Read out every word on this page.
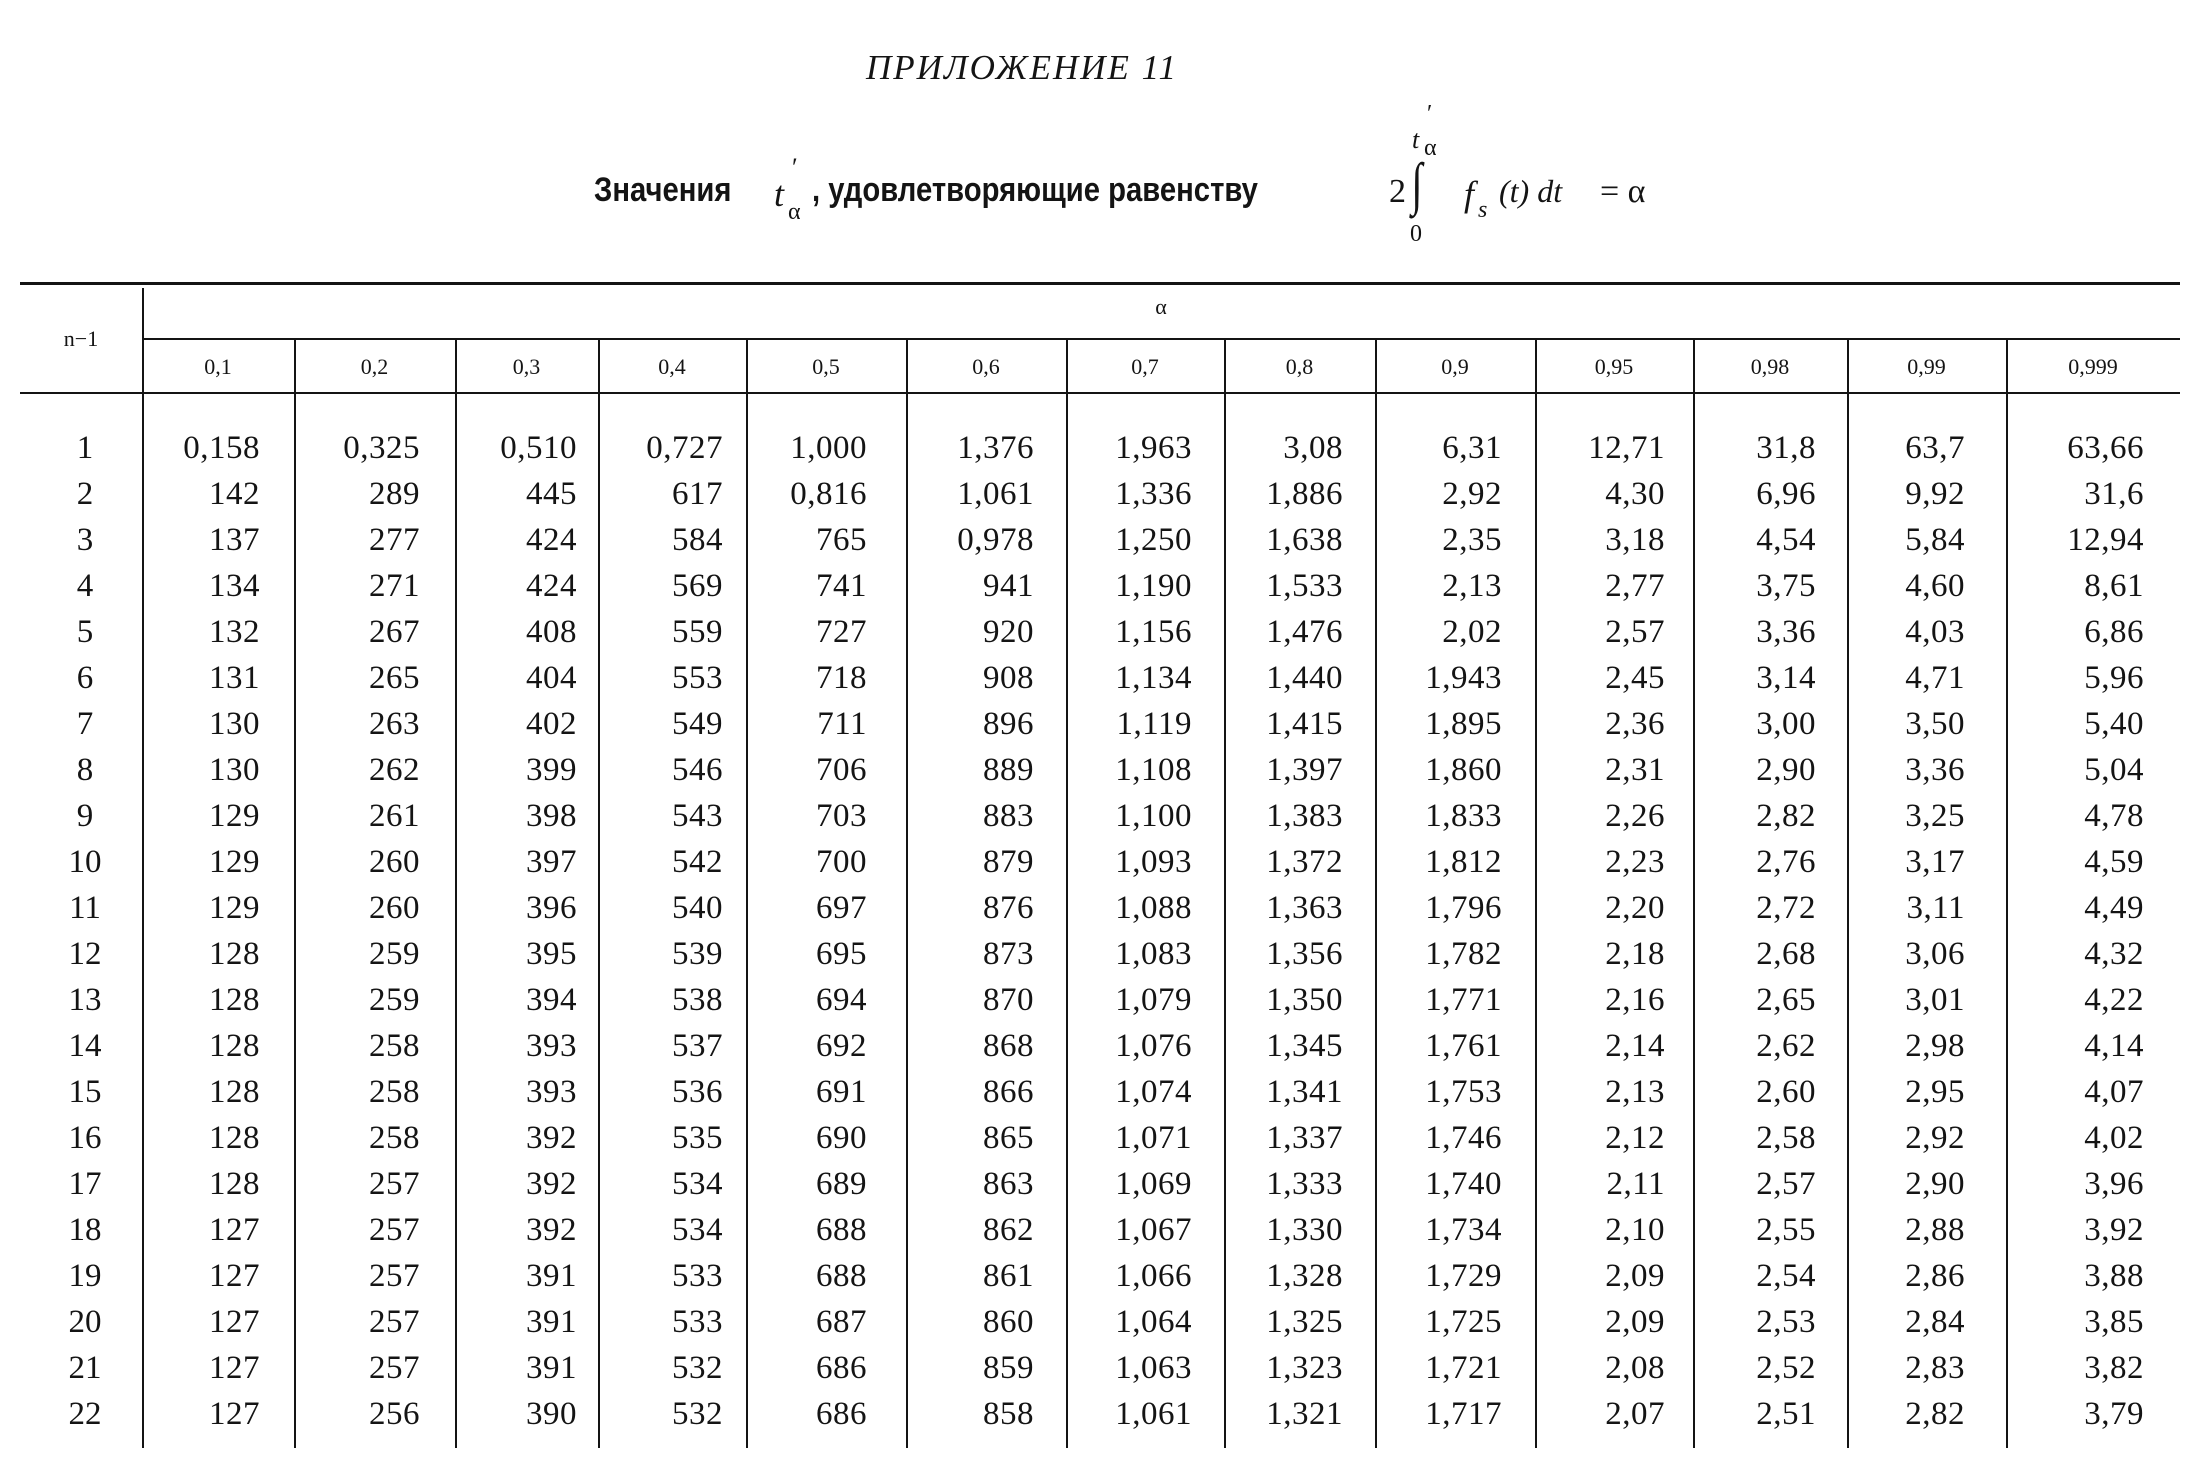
ПРИЛОЖЕНИЕ 11
Значения t α
′
, удовлетворяющие равенству	2 ∫
t α
′
0
f s
(t) dt = α
n−1
α
0,1	0,2	0,3	0,4	0,5	0,6	0,7	0,8	0,9	0,95	0,98	0,99	0,999
1	0,158	0,325	0,510	0,727	1,000	1,376	1,963	3,08	6,31	12,71	31,8	63,7	63,66
2	142	289	445	617	0,816	1,061	1,336	1,886	2,92	4,30	6,96	9,92	31,6
3	137	277	424	584	765	0,978	1,250	1,638	2,35	3,18	4,54	5,84	12,94
4	134	271	424	569	741	941	1,190	1,533	2,13	2,77	3,75	4,60	8,61
5	132	267	408	559	727	920	1,156	1,476	2,02	2,57	3,36	4,03	6,86
6	131	265	404	553	718	908	1,134	1,440	1,943	2,45	3,14	4,71	5,96
7	130	263	402	549	711	896	1,119	1,415	1,895	2,36	3,00	3,50	5,40
8	130	262	399	546	706	889	1,108	1,397	1,860	2,31	2,90	3,36	5,04
9	129	261	398	543	703	883	1,100	1,383	1,833	2,26	2,82	3,25	4,78
10	129	260	397	542	700	879	1,093	1,372	1,812	2,23	2,76	3,17	4,59
11	129	260	396	540	697	876	1,088	1,363	1,796	2,20	2,72	3,11	4,49
12	128	259	395	539	695	873	1,083	1,356	1,782	2,18	2,68	3,06	4,32
13	128	259	394	538	694	870	1,079	1,350	1,771	2,16	2,65	3,01	4,22
14	128	258	393	537	692	868	1,076	1,345	1,761	2,14	2,62	2,98	4,14
15	128	258	393	536	691	866	1,074	1,341	1,753	2,13	2,60	2,95	4,07
16	128	258	392	535	690	865	1,071	1,337	1,746	2,12	2,58	2,92	4,02
17	128	257	392	534	689	863	1,069	1,333	1,740	2,11	2,57	2,90	3,96
18	127	257	392	534	688	862	1,067	1,330	1,734	2,10	2,55	2,88	3,92
19	127	257	391	533	688	861	1,066	1,328	1,729	2,09	2,54	2,86	3,88
20	127	257	391	533	687	860	1,064	1,325	1,725	2,09	2,53	2,84	3,85
21	127	257	391	532	686	859	1,063	1,323	1,721	2,08	2,52	2,83	3,82
22	127	256	390	532	686	858	1,061	1,321	1,717	2,07	2,51	2,82	3,79
